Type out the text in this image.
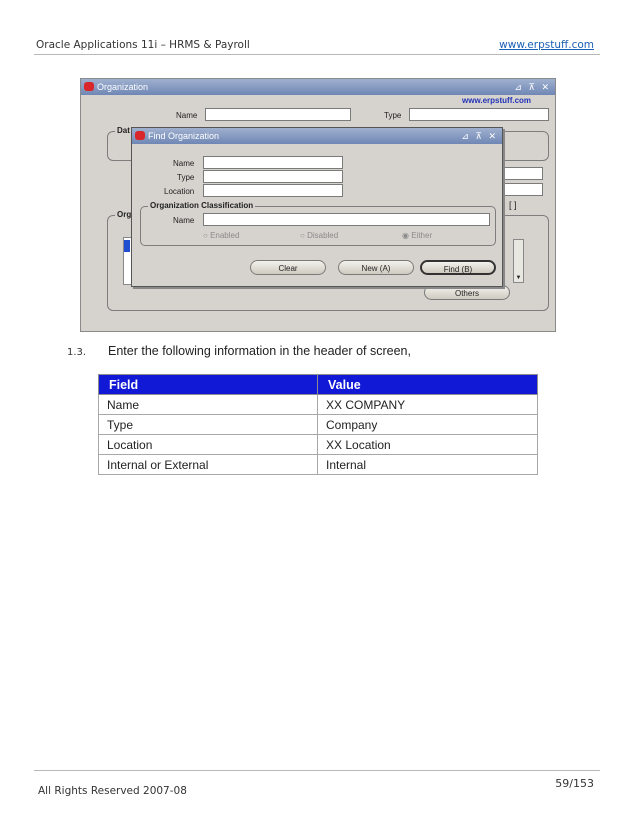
Oracle Applications 11i – HRMS & Payroll	www.erpstuff.com
Organization	⊿ ⊼ ✕
Name	Type
www.erpstuff.com
Dat
[ ]
Org
▼
Others
Find Organization	⊿ ⊼ ✕
Name
Type
Location
Organization Classification
Name
○ Enabled	○ Disabled	◉ Either
Clear	New (A)	Find (B)
1.3. Enter the following information in the header of screen,
Field	Value
Name	XX COMPANY
Type	Company
Location	XX Location
Internal or External	Internal
All Rights Reserved 2007-08
59/153
